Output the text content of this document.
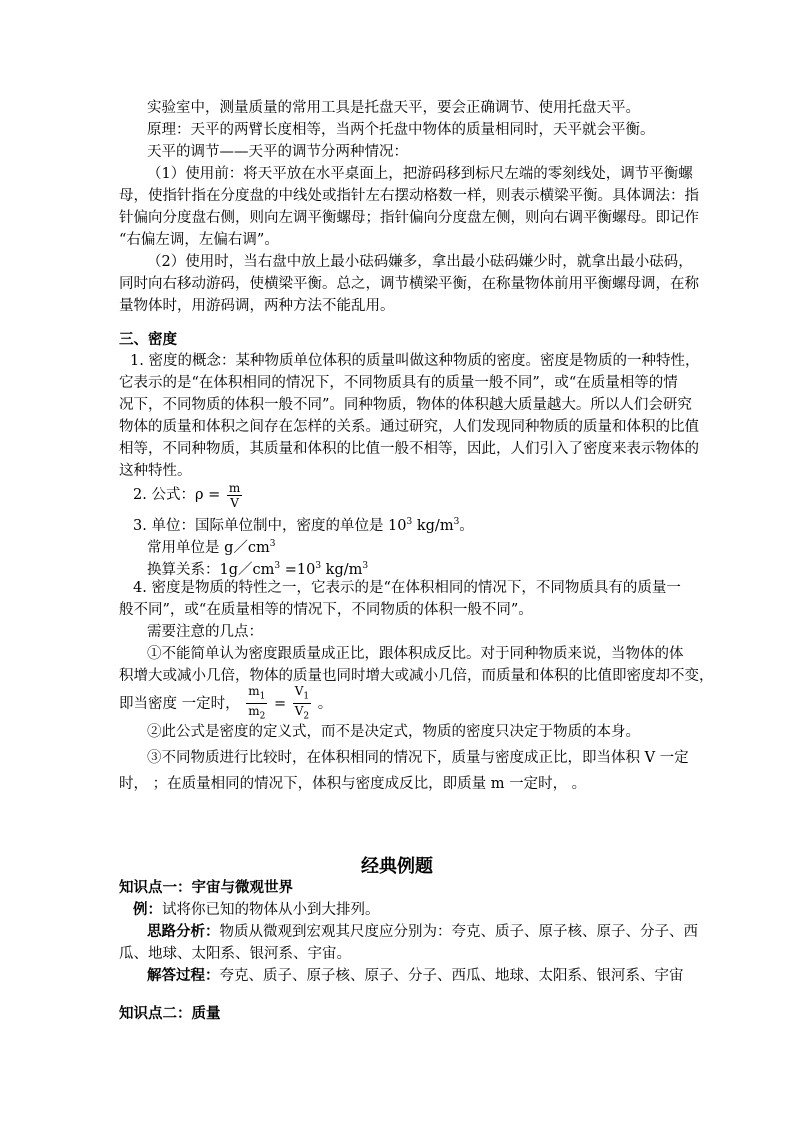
实验室中，测量质量的常用工具是托盘天平，要会正确调节、使用托盘天平。
原理：天平的两臂长度相等，当两个托盘中物体的质量相同时，天平就会平衡。
天平的调节——天平的调节分两种情况：
（1）使用前：将天平放在水平桌面上，把游码移到标尺左端的零刻线处，调节平衡螺
母，使指针指在分度盘的中线处或指针左右摆动格数一样，则表示横梁平衡。具体调法：指
针偏向分度盘右侧，则向左调平衡螺母；指针偏向分度盘左侧，则向右调平衡螺母。即记作
“右偏左调，左偏右调”。
（2）使用时，当右盘中放上最小砝码嫌多，拿出最小砝码嫌少时，就拿出最小砝码，
同时向右移动游码，使横梁平衡。总之，调节横梁平衡，在称量物体前用平衡螺母调，在称
量物体时，用游码调，两种方法不能乱用。
三、密度
1. 密度的概念：某种物质单位体积的质量叫做这种物质的密度。密度是物质的一种特性，
它表示的是“在体积相同的情况下，不同物质具有的质量一般不同”，或“在质量相等的情
况下，不同物质的体积一般不同”。同种物质，物体的体积越大质量越大。所以人们会研究
物体的质量和体积之间存在怎样的关系。通过研究，人们发现同种物质的质量和体积的比值
相等，不同种物质，其质量和体积的比值一般不相等，因此，人们引入了密度来表示物体的
这种特性。
2. 公式：$\rho = \frac{m}{V}$
3. 单位：国际单位制中，密度的单位是 $10^3$ $kg/m^3$。
常用单位是 $g/cm^3$
换算关系：$1g/cm^3 =10^3$ $kg/m^3$
4. 密度是物质的特性之一，它表示的是“在体积相同的情况下，不同物质具有的质量一
般不同”，或“在质量相等的情况下，不同物质的体积一般不同”。
需要注意的几点：
①不能简单认为密度跟质量成正比，跟体积成反比。对于同种物质来说，当物体的体
积增大或减小几倍，物体的质量也同时增大或减小几倍，而质量和体积的比值即密度却不变，
即当密度 一定时， $\frac{m_1}{m_2} = \frac{V_1}{V_2}$ 。
②此公式是密度的定义式，而不是决定式，物质的密度只决定于物质的本身。
③不同物质进行比较时，在体积相同的情况下，质量与密度成正比，即当体积 V 一定
时， ；在质量相同的情况下，体积与密度成反比，即质量 m 一定时， 。
经典例题
知识点一：宇宙与微观世界
例：试将你已知的物体从小到大排列。
思路分析：物质从微观到宏观其尺度应分别为：夸克、质子、原子核、原子、分子、西
瓜、地球、太阳系、银河系、宇宙。
解答过程：夸克、质子、原子核、原子、分子、西瓜、地球、太阳系、银河系、宇宙
知识点二：质量
